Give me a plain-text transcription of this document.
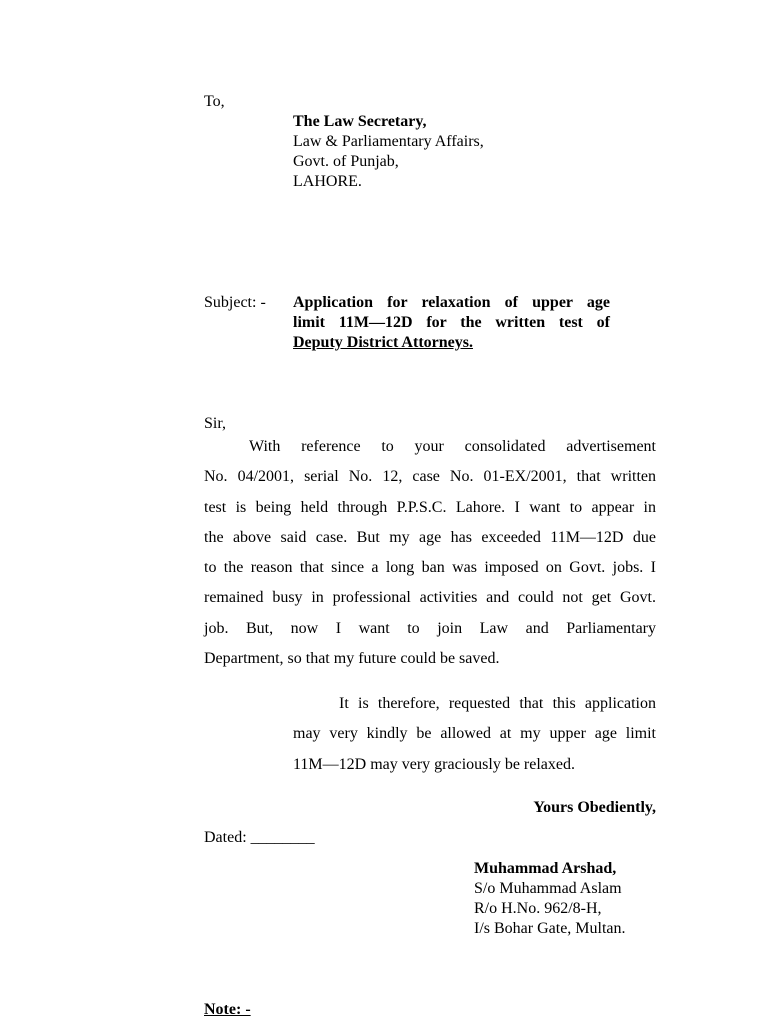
To,

The Law Secretary,
Law & Parliamentary Affairs,
Govt. of Punjab,
LAHORE.

Subject: - Application for relaxation of upper age
limit 11M—12D for the written test of
Deputy District Attorneys.

Sir,

With reference to your consolidated advertisement
No. 04/2001, serial No. 12, case No. 01-EX/2001, that written
test is being held through P.P.S.C. Lahore. I want to appear in
the above said case. But my age has exceeded 11M—12D due
to the reason that since a long ban was imposed on Govt. jobs. I
remained busy in professional activities and could not get Govt.
job. But, now I want to join Law and Parliamentary
Department, so that my future could be saved.
It is therefore, requested that this application
may very kindly be allowed at my upper age limit
11M—12D may very graciously be relaxed.

Yours Obediently,

Dated: ________

Muhammad Arshad,
S/o Muhammad Aslam
R/o H.No. 962/8-H,
I/s Bohar Gate, Multan.

Note: -
